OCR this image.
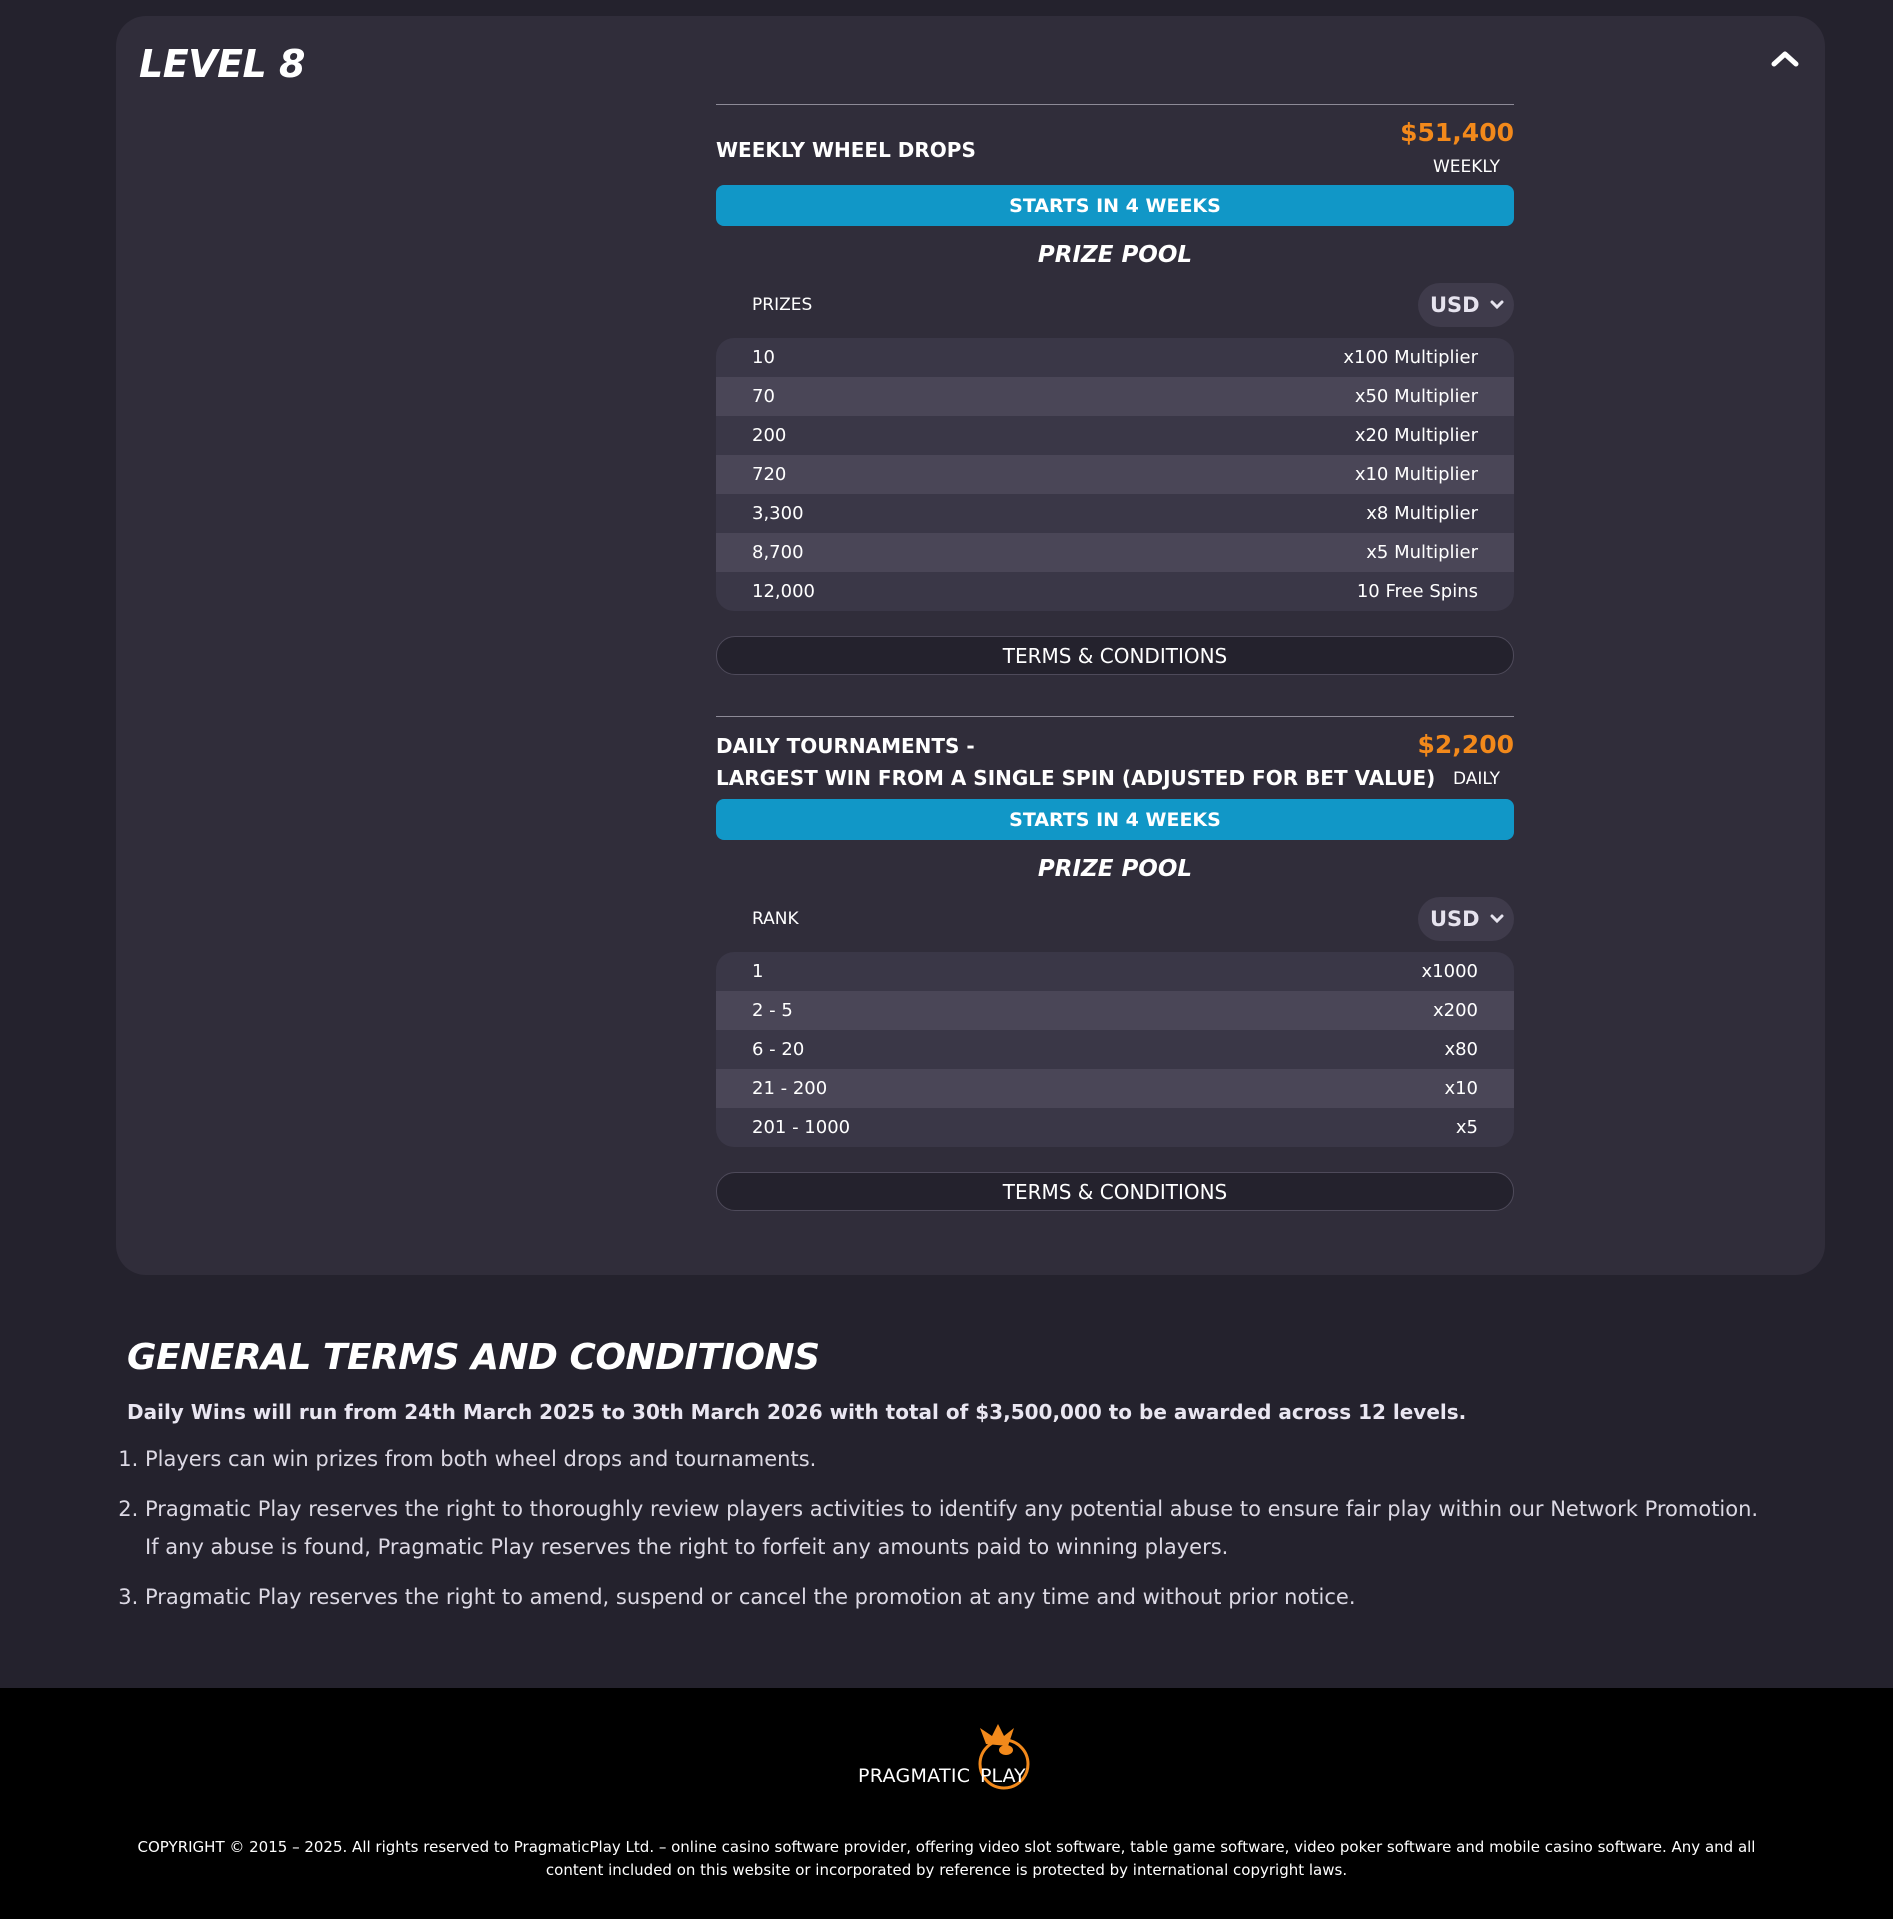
LEVEL 8
WEEKLY WHEEL DROPS
$51,400
WEEKLY
STARTS IN 4 WEEKS
PRIZE POOL
PRIZES	USD
10	x100 Multiplier
70	x50 Multiplier
200	x20 Multiplier
720	x10 Multiplier
3,300	x8 Multiplier
8,700	x5 Multiplier
12,000	10 Free Spins
TERMS & CONDITIONS
DAILY TOURNAMENTS -
LARGEST WIN FROM A SINGLE SPIN (ADJUSTED FOR BET VALUE)
$2,200
DAILY
STARTS IN 4 WEEKS
PRIZE POOL
RANK	USD
1	x1000
2 - 5	x200
6 - 20	x80
21 - 200	x10
201 - 1000	x5
TERMS & CONDITIONS
GENERAL TERMS AND CONDITIONS
Daily Wins will run from 24th March 2025 to 30th March 2026 with total of $3,500,000 to be awarded across 12 levels.
1. Players can win prizes from both wheel drops and tournaments.
2. Pragmatic Play reserves the right to thoroughly review players activities to identify any potential abuse to ensure fair play within our Network Promotion. If any abuse is found, Pragmatic Play reserves the right to forfeit any amounts paid to winning players.
3. Pragmatic Play reserves the right to amend, suspend or cancel the promotion at any time and without prior notice.
PRAGMATIC PLAY
COPYRIGHT © 2015 – 2025. All rights reserved to PragmaticPlay Ltd. – online casino software provider, offering video slot software, table game software, video poker software and mobile casino software. Any and all content included on this website or incorporated by reference is protected by international copyright laws.
